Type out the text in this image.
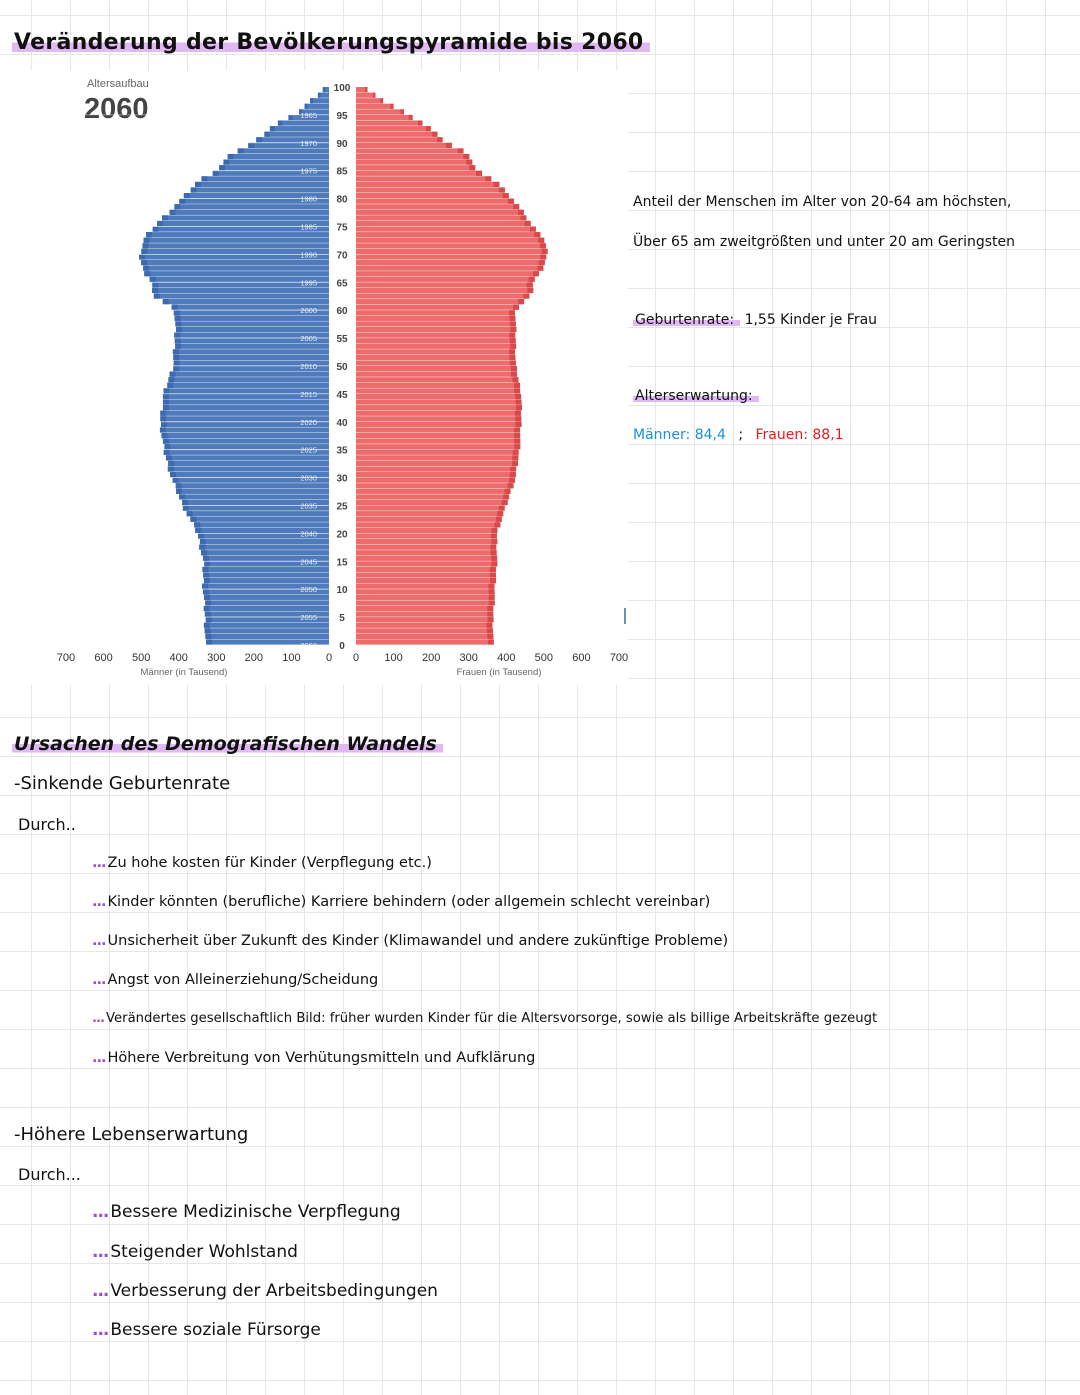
Veränderung der Bevölkerungspyramide bis 2060
Altersaufbau
2060	1965
1970
1975
1980
1985
1990
1995
2000
2005
2010
2015
2020
2025
2030
2035
2040
2045
2050
2055
2060
100
95
90
85
80
75
70
65
60
55
50
45
40
35
30
25
20
15
10
5
0
700 600 500 400 300 200 100 0 0 100 200 300 400 500 600 700
Männer (in Tausend)	Frauen (in Tausend)
Anteil der Menschen im Alter von 20-64 am höchsten,
Über 65 am zweitgrößten und unter 20 am Geringsten
Geburtenrate: 1,55 Kinder je Frau
Alterserwartung:
Männer: 84,4 ; Frauen: 88,1
Ursachen des Demografischen Wandels
-Sinkende Geburtenrate
Durch..
... Zu hohe kosten für Kinder (Verpflegung etc.)
... Kinder könnten (berufliche) Karriere behindern (oder allgemein schlecht vereinbar)
... Unsicherheit über Zukunft des Kinder (Klimawandel und andere zukünftige Probleme)
... Angst von Alleinerziehung/Scheidung
... Verändertes gesellschaftlich Bild: früher wurden Kinder für die Altersvorsorge, sowie als billige Arbeitskräfte gezeugt
... Höhere Verbreitung von Verhütungsmitteln und Aufklärung
-Höhere Lebenserwartung
Durch...
... Bessere Medizinische Verpflegung
... Steigender Wohlstand
... Verbesserung der Arbeitsbedingungen
... Bessere soziale Fürsorge
